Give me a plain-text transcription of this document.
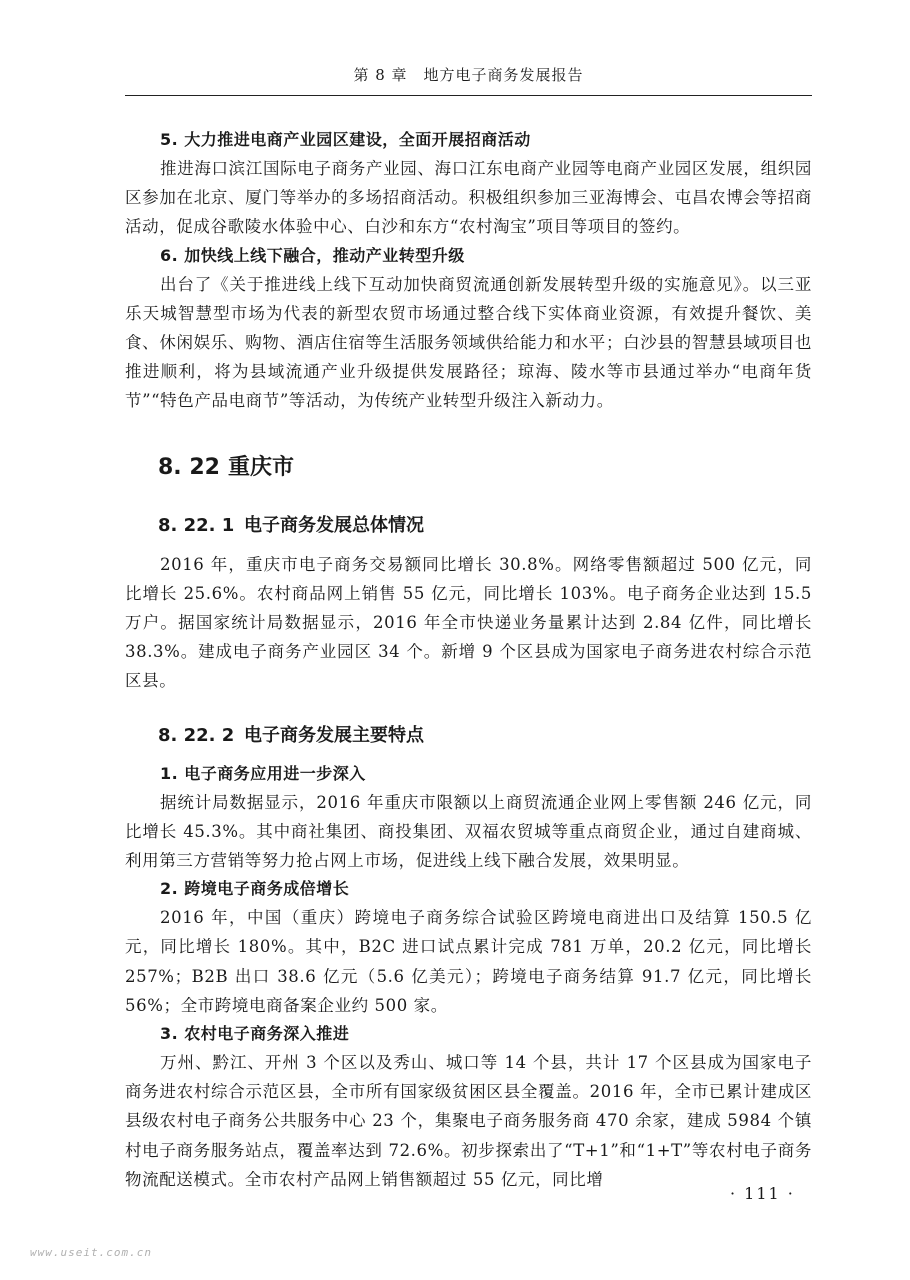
第 8 章　地方电子商务发展报告

5. 大力推进电商产业园区建设，全面开展招商活动

推进海口滨江国际电子商务产业园、海口江东电商产业园等电商产业园区发展，组织园区参加在北京、厦门等举办的多场招商活动。积极组织参加三亚海博会、屯昌农博会等招商活动，促成谷歌陵水体验中心、白沙和东方“农村淘宝”项目等项目的签约。

6. 加快线上线下融合，推动产业转型升级

出台了《关于推进线上线下互动加快商贸流通创新发展转型升级的实施意见》。以三亚乐天城智慧型市场为代表的新型农贸市场通过整合线下实体商业资源，有效提升餐饮、美食、休闲娱乐、购物、酒店住宿等生活服务领域供给能力和水平；白沙县的智慧县域项目也推进顺利，将为县域流通产业升级提供发展路径；琼海、陵水等市县通过举办“电商年货节”“特色产品电商节”等活动，为传统产业转型升级注入新动力。

8. 22 重庆市
8. 22. 1 电子商务发展总体情况

2016 年，重庆市电子商务交易额同比增长 30.8%。网络零售额超过 500 亿元，同比增长 25.6%。农村商品网上销售 55 亿元，同比增长 103%。电子商务企业达到 15.5 万户。据国家统计局数据显示，2016 年全市快递业务量累计达到 2.84 亿件，同比增长 38.3%。建成电子商务产业园区 34 个。新增 9 个区县成为国家电子商务进农村综合示范区县。

8. 22. 2 电子商务发展主要特点

1. 电子商务应用进一步深入

据统计局数据显示，2016 年重庆市限额以上商贸流通企业网上零售额 246 亿元，同比增长 45.3%。其中商社集团、商投集团、双福农贸城等重点商贸企业，通过自建商城、利用第三方营销等努力抢占网上市场，促进线上线下融合发展，效果明显。

2. 跨境电子商务成倍增长

2016 年，中国（重庆）跨境电子商务综合试验区跨境电商进出口及结算 150.5 亿元，同比增长 180%。其中，B2C 进口试点累计完成 781 万单，20.2 亿元，同比增长 257%；B2B 出口 38.6 亿元（5.6 亿美元）；跨境电子商务结算 91.7 亿元，同比增长 56%；全市跨境电商备案企业约 500 家。

3. 农村电子商务深入推进

万州、黔江、开州 3 个区以及秀山、城口等 14 个县，共计 17 个区县成为国家电子商务进农村综合示范区县，全市所有国家级贫困区县全覆盖。2016 年，全市已累计建成区县级农村电子商务公共服务中心 23 个，集聚电子商务服务商 470 余家，建成 5984 个镇村电子商务服务站点，覆盖率达到 72.6%。初步探索出了“T+1”和“1+T”等农村电子商务物流配送模式。全市农村产品网上销售额超过 55 亿元，同比增

· 111 ·
www.useit.com.cn
